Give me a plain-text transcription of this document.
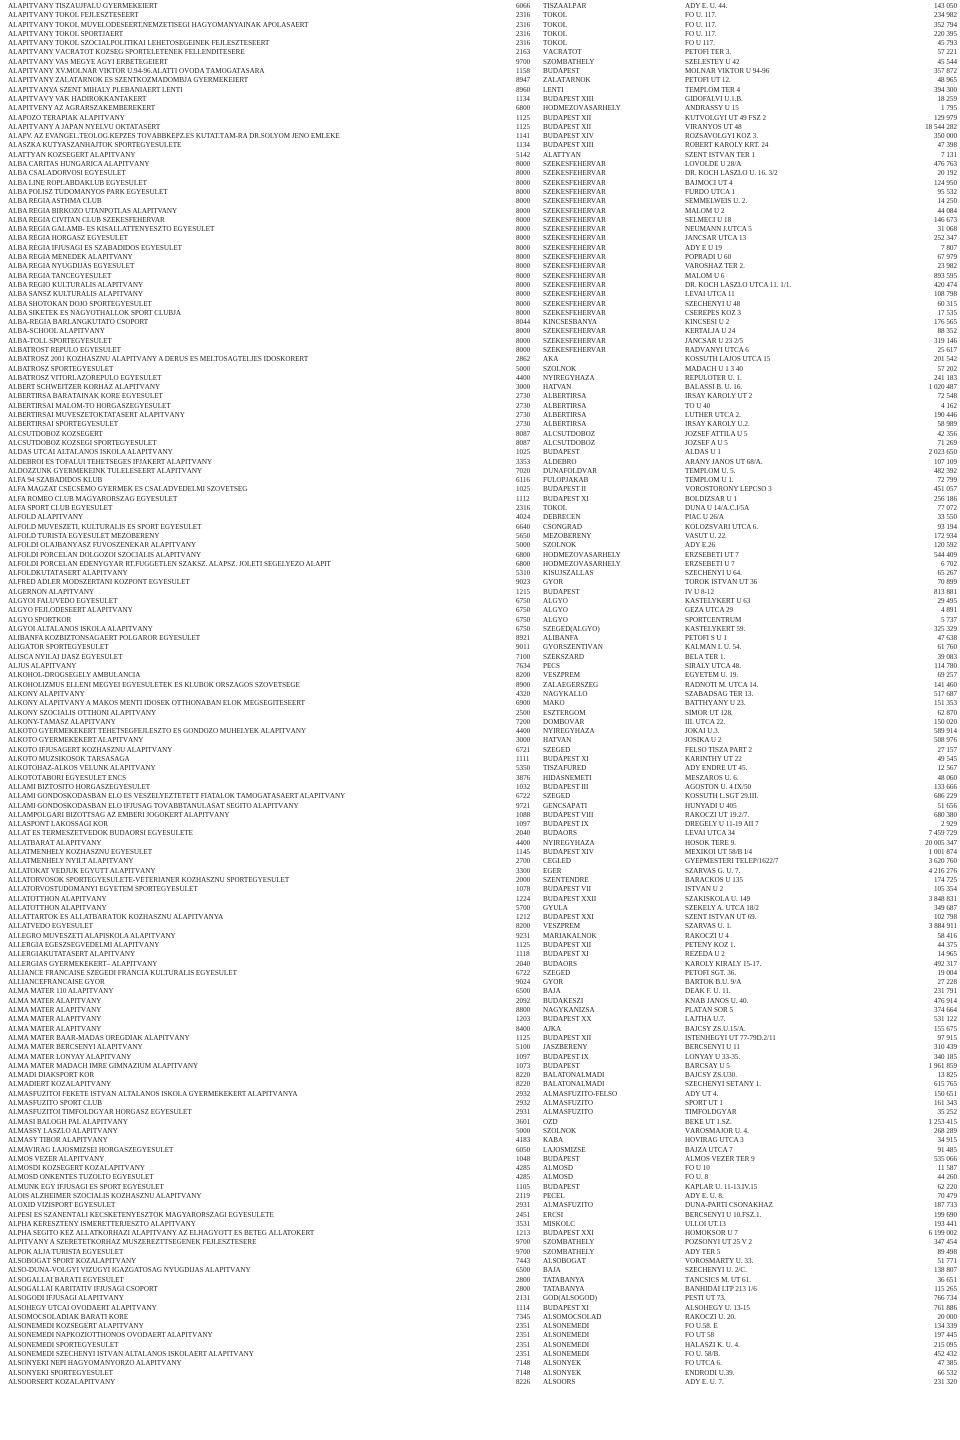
ALAPÍTVÁNY TISZAÚJFALU GYERMEKEIÉRT	6066	TISZAALPÁR	ADY E. U. 44.	143 050
ALAPÍTVÁNY TÖKÖL FEJLESZTÉSÉÉRT	2316	TÖKÖL	FŐ U. 117.	234 982
ALAPÍTVÁNY TÖKÖL MŰVELŐDÉSÉÉRT,NEMZETISÉGI HAGYOMÁNYAINAK ÁPOLÁSÁÉRT	2316	TÖKÖL	FŐ U. 117.	352 794
ALAPÍTVÁNY TÖKÖL SPORTJÁÉRT	2316	TÖKÖL	FŐ U. 117.	220 395
ALAPÍTVÁNY TÖKÖL SZOCIÁLPOLITIKAI LEHETŐSÉGEINEK FEJLESZTÉSÉÉRT	2316	TÖKÖL	FŐ U 117.	45 793
ALAPÍTVÁNY VÁCRÁTÓT KÖZSÉG SPORTÉLETÉNEK FELLENDÍTÉSÉRE	2163	VÁCRÁTÓT	PETŐFI TÉR 3.	57 221
ALAPÍTVÁNY VAS MEGYE AGYI ÉRBETEGEIÉRT	9700	SZOMBATHELY	SZELESTEY U 42	45 544
ALAPÍTVÁNY XV.MOLNÁR VIKTOR U.94-96.ALATTI ÓVODA TÁMOGATÁSÁRA	1158	BUDAPEST	MOLNÁR VIKTOR U 94-96	357 872
ALAPÍTVÁNY ZALATÁRNOK ÉS SZENTKOZMADOMBJA GYERMEKEIÉRT	8947	ZALATÁRNOK	PETŐFI ÚT 12.	48 965
ALAPÍTVÁNYA SZENT MIHÁLY PLÉBÁNIÁÉRT LENTI	8960	LENTI	TEMPLOM TÉR 4	394 300
ALAPÍTVÁVY VAK HADIROKKANTAKÉRT	1134	BUDAPEST XIII	GIDÓFALVI U.1.B.	18 259
ALAPÍTVÉNY AZ AGRÁRSZAKEMBEREKÉRT	6800	HÓDMEZŐVÁSÁRHELY	ANDRÁSSY U 15	1 795
ALAPOZÓ TERÁPIÁK ALAPÍTVÁNY	1125	BUDAPEST XII	KÚTVÖLGYI ÚT 49 FSZ 2	129 979
ALAPÍTVÁNY A JAPÁN NYELVŰ OKTATÁSÉRT	1125	BUDAPEST XII	VIRÁNYOS ÚT 48	18 544 282
ALAPV. AZ EVANGÉL.TEOLÓG.KÉPZÉS TOVÁBBKÉPZ.ÉS KUTAT.TÁM-RA DR.SÓLYOM JENŐ EMLÉKÉ	1141	BUDAPEST XIV	RÓZSAVÖLGYI KÖZ 3.	350 000
ALASZKA KUTYASZÁNHAJTÓK SPORTEGYESÜLETE	1134	BUDAPEST XIII	RÓBERT KÁROLY KRT. 24	47 398
ALATTYÁN KÖZSÉGÉRT ALAPÍTVÁNY	5142	ALATTYÁN	SZENT ISTVÁN TÉR 1	7 131
ALBA CARITAS HUNGARICA ALAPÍTVÁNY	8000	SZÉKESFEHÉRVÁR	LOVOLDE U 28/A	476 763
ALBA CSALÁDORVOSI EGYESÜLET	8000	SZÉKESFEHÉRVÁR	DR. KOCH LÁSZLÓ U. 16. 3/2	20 192
ALBA LINE RÖPLABDAKLUB EGYESÜLET	8000	SZÉKESFEHÉRVÁR	BAJMÓCI ÚT 4	124 950
ALBA POLISZ TUDOMÁNYOS PARK EGYESÜLET	8000	SZÉKESFEHÉRVÁR	FÜRDŐ UTCA 1	95 532
ALBA REGIA ASTHMA CLUB	8000	SZÉKESFEHÉRVÁR	SEMMELWEIS U. 2.	14 250
ALBA REGIA BIRKOZO UTANPOTLAS ALAPITVANY	8000	SZÉKESFEHÉRVÁR	MALOM U 2	44 084
ALBA REGIA CIVITAN CLUB SZEKESFEHERVAR	8000	SZÉKESFEHÉRVÁR	SELMECI U 18	146 673
ALBA REGIA GALAMB- ÉS KISÁLLATTENYÉSZTŐ EGYESÜLET	8000	SZÉKESFEHÉRVÁR	NEUMANN J.UTCA 5	31 068
ALBA REGIA HORGÁSZ EGYESÜLET	8000	SZÉKESFEHÉRVÁR	JÁNCSÁR UTCA 13	252 347
ALBA REGIA IFJUSAGI ES SZABADIDOS EGYESULET	8000	SZÉKESFEHÉRVÁR	ADY E U 19	7 807
ALBA REGIA MENEDEK ALAPITVANY	8000	SZÉKESFEHÉRVÁR	POPRÁDI U 60	67 979
ALBA REGIA NYUGDIJAS EGYESULET	8000	SZÉKESFEHÉRVÁR	VAROSHAZ TER 2.	23 982
ALBA REGIA TANCEGYESULET	8000	SZÉKESFEHÉRVÁR	MALOM U 6	893 595
ALBA RÉGIÓ KULTURÁLIS ALAPÍTVÁNY	8000	SZÉKESFEHÉRVÁR	DR. KOCH LÁSZLÓ UTCA 11. 1/1.	420 474
ALBA SANSZ KULTURALIS ALAPITVANY	8000	SZÉKESFEHÉRVÁR	LÉVAI UTCA 11	108 798
ALBA SHOTOKAN DOJO SPORTEGYESÜLET	8000	SZÉKESFEHÉRVÁR	SZÉCHENYI U 48	60 315
ALBA SIKETEK ÉS NAGYOTHALLÓK SPORT CLUBJA	8000	SZÉKESFEHÉRVÁR	CSEREPES KÖZ 3	17 535
ALBA-REGIA BARLANGKUTATÓ CSOPORT	8044	KINCSESBÁNYA	KINCSESI U 2	176 565
ALBA-SCHOOL ALAPÍTVÁNY	8000	SZÉKESFEHÉRVÁR	KERTALJA U 24	88 352
ALBA-TOLL SPORTEGYESULET	8000	SZÉKESFEHÉRVÁR	JÁNCSÁR U 23 2/5	319 146
ALBATROST REPÜLŐ EGYESÜLET	8000	SZÉKESFEHÉRVÁR	RÁDVÁNYI UTCA 6	25 617
ALBATROSZ 2001 KÖZHASZNÚ ALAPÍTVÁNY A DERŰS ÉS MÉLTÓSÁGTELJES IDŐSKORÉRT	2862	AKA	KOSSUTH LAJOS UTCA 15	201 542
ALBATROSZ SPORTEGYESÜLET	5000	SZOLNOK	MADÁCH U 1 3 40	57 202
ALBATROSZ VITORLÁZÓREPÜLŐ EGYESÜLET	4400	NYÍREGYHÁZA	REPÜLŐTÉR U. 1.	241 183
ALBERT SCHWEITZER KÓRHÁZ ALAPÍTVÁNY	3000	HATVAN	BALASSI B. U. 16.	1 020 487
ALBERTIRSA BARÁTAINAK KÖRE EGYESÜLET	2730	ALBERTIRSA	IRSAY KÁROLY ÚT 2	72 548
ALBERTIRSAI MALOM-TÓ HORGÁSZEGYESÜLET	2730	ALBERTIRSA	TÓ U 40	4 162
ALBERTIRSAI MŰVÉSZETOKTATÁSÉRT ALAPÍTVÁNY	2730	ALBERTIRSA	LUTHER UTCA 2.	190 446
ALBERTIRSAI SPORTEGYESÜLET	2730	ALBERTIRSA	IRSAY KÁROLY U.2.	58 989
ALCSUTDOBOZ KÖZSÉGÉRT	8087	ALCSÚTDOBOZ	JÓZSEF ATTILA U 5	42 356
ALCSÚTDOBOZ KÖZSÉGI SPORTEGYESÜLET	8087	ALCSÚTDOBOZ	JÓZSEF A U 5	71 269
ÁLDÁS UTCAI ÁLTALÁNOS ISKOLA ALAPÍTVÁNY	1025	BUDAPEST	ÁLDÁS U 1	2 023 650
ALDEBRŐI ÉS TÓFALUI TEHETSÉGES IFJAKÉRT ALAPÍTVÁNY	3353	ALDEBRŐ	ARANY JÁNOS ÚT 68/A.	107 109
ÁLDOZZUNK GYERMEKEINK TÚLÉLÉSÉÉRT ALAPÍTVÁNY	7020	DUNAFÖLDVÁR	TEMPLOM U. 5.	482 392
ALFA 94 SZABADIDŐS KLUB	6116	FÜLÖPJAKAB	TEMPLOM U 1.	72 799
ALFA MAGZAT CSECSEMŐ GYERMEK ÉS CSALÁDVÉDELMI SZÖVETSÉG	1025	BUDAPEST II	VÖRÖSTORONY LÉPCSŐ 3	451 057
ALFA ROMEO CLUB MAGYARORSZÁG EGYESÜLET	1112	BUDAPEST XI	BOLDIZSÁR U 1	256 186
ALFA SPORT CLUB EGYESÜLET	2316	TÖKÖL	DUNA U 14/A.C.I/5A	77 072
ALFÖLD ALAPÍTVÁNY	4024	DEBRECEN	PIAC U 26/A	33 550
ALFÖLD MŰVÉSZETI, KULTURÁLIS ÉS SPORT EGYESÜLET	6640	CSONGRÁD	KOLOZSVÁRI UTCA 6.	93 194
ALFÖLD TURISTA EGYESÜLET MEZŐBERÉNY	5650	MEZŐBERÉNY	VASÚT U. 22.	172 934
ALFÖLDI OLAJBÁNYÁSZ FÚVÓSZENEKAR ALAPÍTVÁNY	5000	SZOLNOK	ADY E.26	120 592
ALFÖLDI PORCELÁN DOLGOZOI SZOCIÁLIS ALAPÍTVÁNY	6800	HÓDMEZŐVÁSÁRHELY	ERZSÉBETI ÚT 7	544 409
ALFÖLDI PORCELÁN EDÉNYGYÁR RT.FÜGGETLEN SZAKSZ. ALAPSZ. JOLÉTI SEGÉLYEZŐ ALAPIT	6800	HÓDMEZŐVÁSÁRHELY	ERZSÉBETI U 7	6 702
ALFÖLDKUTATÁSÉRT ALAPÍTVÁNY	5310	KISÚJSZÁLLÁS	SZÉCHENYI U 64.	65 267
ALFRÉD ADLER MÓDSZERTANI KÖZPONT EGYESÜLET	9023	GYŐR	TÖRÖK ISTVÁN ÚT 36	70 899
ALGERNON ALAPÍTVÁNY	1215	BUDAPEST	IV U 8-12	813 881
ALGYŐI FALUVÉDŐ EGYESÜLET	6750	ALGYŐ	KASTÉLYKERT U 63	29 495
ALGYŐ FEJLŐDÉSÉÉRT ALAPÍTVÁNY	6750	ALGYŐ	GÉZA UTCA 29	4 891
ALGYŐ SPORTKÖR	6750	ALGYŐ	SPORTCENTRUM	5 737
ALGYŐI ÁLTALÁNOS ISKOLA ALAPÍTVÁNY	6750	SZEGED(ALGYŐ)	KASTÉLYKERT 59.	325 329
ALIBÁNFA KÖZBIZTONSÁGÁÉRT POLGÁRŐR EGYESÜLET	8921	ALIBÁNFA	PETŐFI S U 1	47 638
ALIGÁTOR SPORTEGYESÜLET	9011	GYŐRSZENTIVÁN	KÁLMÁN I. U. 54.	61 760
ALISCA NYILAI IJÁSZ EGYESÜLET	7100	SZEKSZÁRD	BÉLA TÉR 1.	39 083
ALJUS ALAPÍTVÁNY	7634	PÉCS	SIRÁLY UTCA 48.	114 780
ALKOHOL-DROGSEGÉLY AMBULANCIA	8200	VESZPRÉM	EGYETEM U. 19.	69 257
ALKOHOLIZMUS ELLENI MEGYEI EGYESÜLETEK ÉS KLUBOK ORSZÁGOS SZÖVETSÉGE	8900	ZALAEGERSZEG	RÁDNÓTI M. UTCA 14.	141 460
ALKONY ALAPÍTVÁNY	4320	NAGYKÁLLÓ	SZABADSÁG TÉR 13.	517 687
ALKONY ALAPÍTVÁNY A MAKOS MENTI IDŐSEK OTTHONÁBAN ÉLŐK MEGSEGÍTÉSÉÉRT	6900	MAKÓ	BATTHYÁNY U 23.	151 353
ALKONY SZOCIÁLIS OTTHONI ALAPÍTVÁNY	2500	ESZTERGOM	SIMOR UT 128.	62 870
ALKONY-TÁMASZ ALAPÍTVÁNY	7200	DOMBÓVÁR	III. UTCA 22.	150 020
ALKOTÓ GYERMEKEKÉRT TEHETSÉGFEJLESZTŐ ÉS GONDOZÓ MŰHELYEK ALAPÍTVÁNY	4400	NYÍREGYHÁZA	JÓKAI U.3.	589 914
ALKOTÓ GYERMEKEKÉRT ALAPÍTVÁNY	3000	HATVAN	JÓSIKA U 2	508 976
ALKOTÓ IFJÚSÁGÉRT KÖZHASZNÚ ALAPÍTVÁNY	6721	SZEGED	FELSŐ TISZA PART 2	27 157
ALKOTÓ MUZSIKOSOK TÁRSASÁGA	1111	BUDAPEST XI	KARINTHY ÚT 22	49 545
ALKOTÓHÁZ-ALKOS VELÜNK ALAPÍTVÁNY	5350	TISZAFÜRED	ADY ENDRE ÚT 45.	12 567
ALKOTÓTÁBORI EGYESÜLET ENCS	3876	HIDASNÉMETI	MÉSZÁROS U. 6.	48 060
ÁLLAMI BIZTOSÍTÓ HORGÁSZEGYESÜLET	1032	BUDAPEST III	ÁGOSTON U. 4 IX/50	133 666
ÁLLAMI GONDOSKODÁSBAN ÉLŐ ÉS VESZÉLYEZTETETT FIATALOK TÁMOGATÁSÁÉRT ALAPÍTVÁNY	6722	SZEGED	KOSSUTH L.SGT 29.III.	686 229
ÁLLAMI GONDOSKODÁSBAN ÉLŐ IFJÚSÁG TOVÁBBTANULÁSÁT SEGÍTŐ ALAPÍTVÁNY	9721	GENCSAPÁTI	HUNYADI U 405	51 656
ÁLLAMPOLGÁRI BIZOTTSÁG AZ EMBERI JOGOKÉRT ALAPÍTVÁNY	1088	BUDAPEST VIII	RÁKÓCZI ÚT 19.2/7.	680 380
ÁLLÁSPONT LAKOSSÁGI KÖR	1097	BUDAPEST IX	DRÉGELY U 11-19 AII 7	2 929
ÁLLAT ÉS TERMÉSZETVÉDŐK BUDAÖRSI EGYESÜLETE	2040	BUDAÖRS	LÉVAI UTCA 34	7 459 729
ÁLLATBARÁT ALAPÍTVÁNY	4400	NYÍREGYHÁZA	HŐSÖK TERE 9.	20 005 347
ÁLLATMENHELY KÖZHASZNÚ EGYESÜLET	1145	BUDAPEST XIV	MEXIKÓI ÚT 58/B I/4	1 001 874
ÁLLATMENHELY NYILT ALAPÍTVÁNY	2700	CEGLÉD	GYEPMESTERI TELEP/1622/7	3 620 760
ÁLLATOKAT VÉDJÜK EGYÜTT ALAPÍTVÁNY	3300	EGER	SZARVAS G. U. 7.	4 216 276
ÁLLATORVOSOK SPORTEGYESÜLETE-VETERIANER KÖZHASZNÚ SPORTEGYESÜLET	2000	SZENTENDRE	BARACKOS U 135	174 725
ÁLLATORVOSTUDOMÁNYI EGYETEM SPORTEGYESÜLET	1078	BUDAPEST VII	ISTVÁN U 2	105 354
ÁLLATOTTHON ALAPÍTVÁNY	1224	BUDAPEST XXII	SZAKISKOLA U. 149	3 848 831
ÁLLATOTTHON ALAPÍTVÁNY	5700	GYULA	SZÉKELY A. UTCA 18/2	349 687
ÁLLATTARTÓK ÉS ÁLLATBARÁTOK KÖZHASZNÚ ALAPÍTVÁNYA	1212	BUDAPEST XXI	SZENT ISTVÁN ÚT 69.	102 798
ÁLLATVÉDŐ EGYESÜLET	8200	VESZPRÉM	SZARVAS U. 1.	3 884 911
ALLEGRO MŰVÉSZETI ALAPISKOLA ALAPÍTVÁNY	9231	MÁRIAKÁLNOK	RÁKÓCZI U 4	58 416
ALLERGIA EGÉSZSÉGVÉDELMI ALAPÍTVÁNY	1125	BUDAPEST XII	PETÉNY KÖZ 1.	44 375
ALLERGIAKUTATÁSÉRT ALAPÍTVÁNY	1118	BUDAPEST XI	REZEDA U 2	14 965
ALLERGIÁS GYERMEKEKÉRT– ALAPÍTVÁNY	2040	BUDAÖRS	KÁROLY KIRÁLY 15-17.	492 317
ALLIANCE FRANCAISE SZEGEDI FRANCIA KULTURÁLIS EGYESÜLET	6722	SZEGED	PETŐFI SGT. 36.	19 004
ALLIANCEFRANCAISE GYŐR	9024	GYŐR	BARTÓK B.U. 9/A	27 228
ALMA MATER 110 ALAPÍTVÁNY	6500	BAJA	DEÁK F. U. 11.	231 791
ALMA MATER ALAPÍTVÁNY	2092	BUDAKESZI	KNÁB JÁNOS U. 40.	476 914
ALMA MATER ALAPÍTVÁNY	8800	NAGYKANIZSA	PLATÁN SOR 5	374 664
ALMA MATER ALAPÍTVÁNY	1203	BUDAPEST XX	LAJTHA U.7.	531 122
ALMA MATER ALAPÍTVÁNY	8400	AJKA	BAJCSY ZS.U.15/A.	155 675
ALMA MATER BAÁR-MADAS ÖREGDIÁK ALAPÍTVÁNY	1125	BUDAPEST XII	ISTENHEGYI UT 77-79D.2/11	97 915
ALMA MATER BERCSÉNYI ALAPÍTVÁNY	5100	JÁSZBERÉNY	BERCSÉNYI U 11	310 439
ALMA MATER LÓNYAY ALAPÍTVÁNY	1097	BUDAPEST IX	LÓNYAY U 33-35.	340 185
ALMA MATER MADÁCH IMRE GIMNÁZIUM ALAPÍTVÁNY	1073	BUDAPEST	BARCSAY U 5	1 961 859
ALMÁDI DIÁKSPORT KÖR	8220	BALATONALMÁDI	BAJCSY ZS.U30.	13 825
ALMÁDIÉRT KÖZALAPÍTVÁNY	8220	BALATONALMÁDI	SZÉCHENYI SÉTÁNY 1.	615 765
ALMÁSFÜZITŐI FEKETE ISTVÁN ÁLTALÁNOS ISKOLA GYERMEKEKÉRT ALAPÍTVÁNYA	2932	ALMÁSFÜZITŐ-FELSŐ	ADY ÚT 4.	150 651
ALMÁSFÜZITŐ SPORT CLUB	2932	ALMÁSFÜZITŐ	SPORT ÚT 1	161 343
ALMÁSFÜZITŐI TIMFÖLDGYÁR HORGÁSZ EGYESÜLET	2931	ALMÁSFÜZITŐ	TIMFÖLDGYÁR	35 252
ALMASI BALOGH PAL ALAPÍTVÁNY	3601	ÓZD	BEKE UT 1.SZ.	1 253 415
ALMÁSSY LÁSZLÓ ALAPÍTVÁNY	5000	SZOLNOK	VÁROSMAJOR U. 4.	268 289
ALMÁSY TIBOR ALAPÍTVÁNY	4183	KABA	HÓVIRÁG UTCA 3	34 915
ALMAVIRÁG LAJOSMIZSEI HORGÁSZEGYESÜLET	6050	LAJOSMIZSE	BAJZA UTCA 7	91 485
ÁLMOS VEZÉR ALAPÍTVÁNY	1048	BUDAPEST	ÁLMOS VEZÉR TÉR 9	535 066
ÁLMOSDI KÖZSÉGÉRT KÖZALAPÍTVÁNY	4285	ÁLMOSD	FŐ U 10	11 587
ÁLMOSD ÖNKÉNTES TŰZOLTÓ EGYESÜLET	4285	ÁLMOSD	FŐ U. 8	44 260
ÁLMUNK EGY IFJÚSÁGI ÉS SPORT EGYESÜLET	1105	BUDAPEST	KÁPLÁR U. 11-13.IV.15	62 220
ALOIS ALZHEIMER SZOCIÁLIS KÖZHASZNÚ ALAPÍTVÁNY	2119	PÉCEL	ADY E. U. 8.	70 479
ALOXID VIZISPORT EGYESÜLET	2931	ALMÁSFÜZITŐ	DUNA-PARTI CSONAKHÁZ	187 733
ALPESI ÉS SZÁNENTÁLI KECSKETENYÉSZTŐK MAGYARORSZÁGI EGYESÜLETE	2451	ERCSI	BERCSÉNYI U 10.FSZ.1.	199 690
ALPHA KERESZTÉNY ISMERETTERJESZTŐ ALAPÍTVÁNY	3531	MISKOLC	ÜLLŐI ÚT.13	193 441
ALPHA SEGÍTŐ KÉZ ÁLLATKÓRHÁZI ALAPÍTVÁNY AZ ELHAGYOTT ÉS BETEG ÁLLATOKÉRT	1213	BUDAPEST XXI	HOMOKSOR U 7	6 199 002
ALPÍTVÁNY A SZERETETKÓRHÁZ MŰSZEREZTTSÉGÉNEK FEJLESZTÉSÉRE	9700	SZOMBATHELY	POZSONYI ÚT 25 V 2	347 454
ALPOK ALJA TURISTA EGYESÜLET	9700	SZOMBATHELY	ADY TÉR 5	89 498
ALSÓBOGÁT SPORT KÖZALAPÍTVÁNY	7443	ALSÓBOGÁT	VÖRÖSMARTY U. 33.	51 771
ALSÓ-DUNA-VÖLGYI VÍZÜGYI IGAZGATÓSÁG NYUGDÍJAS ALAPÍTVÁNY	6500	BAJA	SZÉCHENYI U. 2/C.	138 807
ALSÓGALLAI BARÁTI EGYESÜLET	2800	TATABÁNYA	TÁNCSICS M. ÚT 61.	36 651
ALSÓGALLAI KARITATÍV IFJÚSÁGI CSOPORT	2800	TATABÁNYA	BÁNHIDAI LTP 213 1/6	115 265
ALSÓGÖDI IFJÚSÁGI ALAPÍTVÁNY	2131	GÖD(ALSÓGÖD)	PESTI ÚT 73.	766 734
ALSÓHEGY UTCAI ÓVODÁÉRT ALAPÍTVÁNY	1114	BUDAPEST XI	ALSÓHEGY U. 13-15	761 886
ALSÓMOCSOLÁDIAK BARÁTI KÖRE	7345	ALSÓMOCSOLÁD	RÁKÓCZI U. 20.	20 000
ALSÓNÉMEDI KÖZSÉGÉRT ALAPÍTVÁNY	2351	ALSÓNÉMEDI	FŐ U.58. E	134 339
ALSÓNÉMEDI NAPKÖZIOTTHONOS ÓVODÁÉRT ALAPÍTVÁNY	2351	ALSÓNÉMEDI	FŐ ÚT 58	197 445
ALSÓNÉMEDI SPORTEGYESÜLET	2351	ALSÓNÉMEDI	HALÁSZI K. U. 4.	215 095
ALSÓNÉMEDI SZÉCHENYI ISTVÁN ÁLTALÁNOS ISKOLÁÉRT ALAPÍTVÁNY	2351	ALSÓNÉMEDI	FŐ U. 58/B.	452 432
ALSÓNYÉKI NÉPI HAGYOMÁNYŐRZŐ ALAPÍTVÁNY	7148	ALSÓNYÉK	FŐ UTCA 6.	47 385
ALSÓNYÉKI SPORTEGYESÜLET	7148	ALSÓNYÉK	ENDRŐDI U.39.	66 532
ALSÓÖRSÉRT KÖZALAPÍTVÁNY	8226	ALSÓÖRS	ADY E. U. 7.	231 320
